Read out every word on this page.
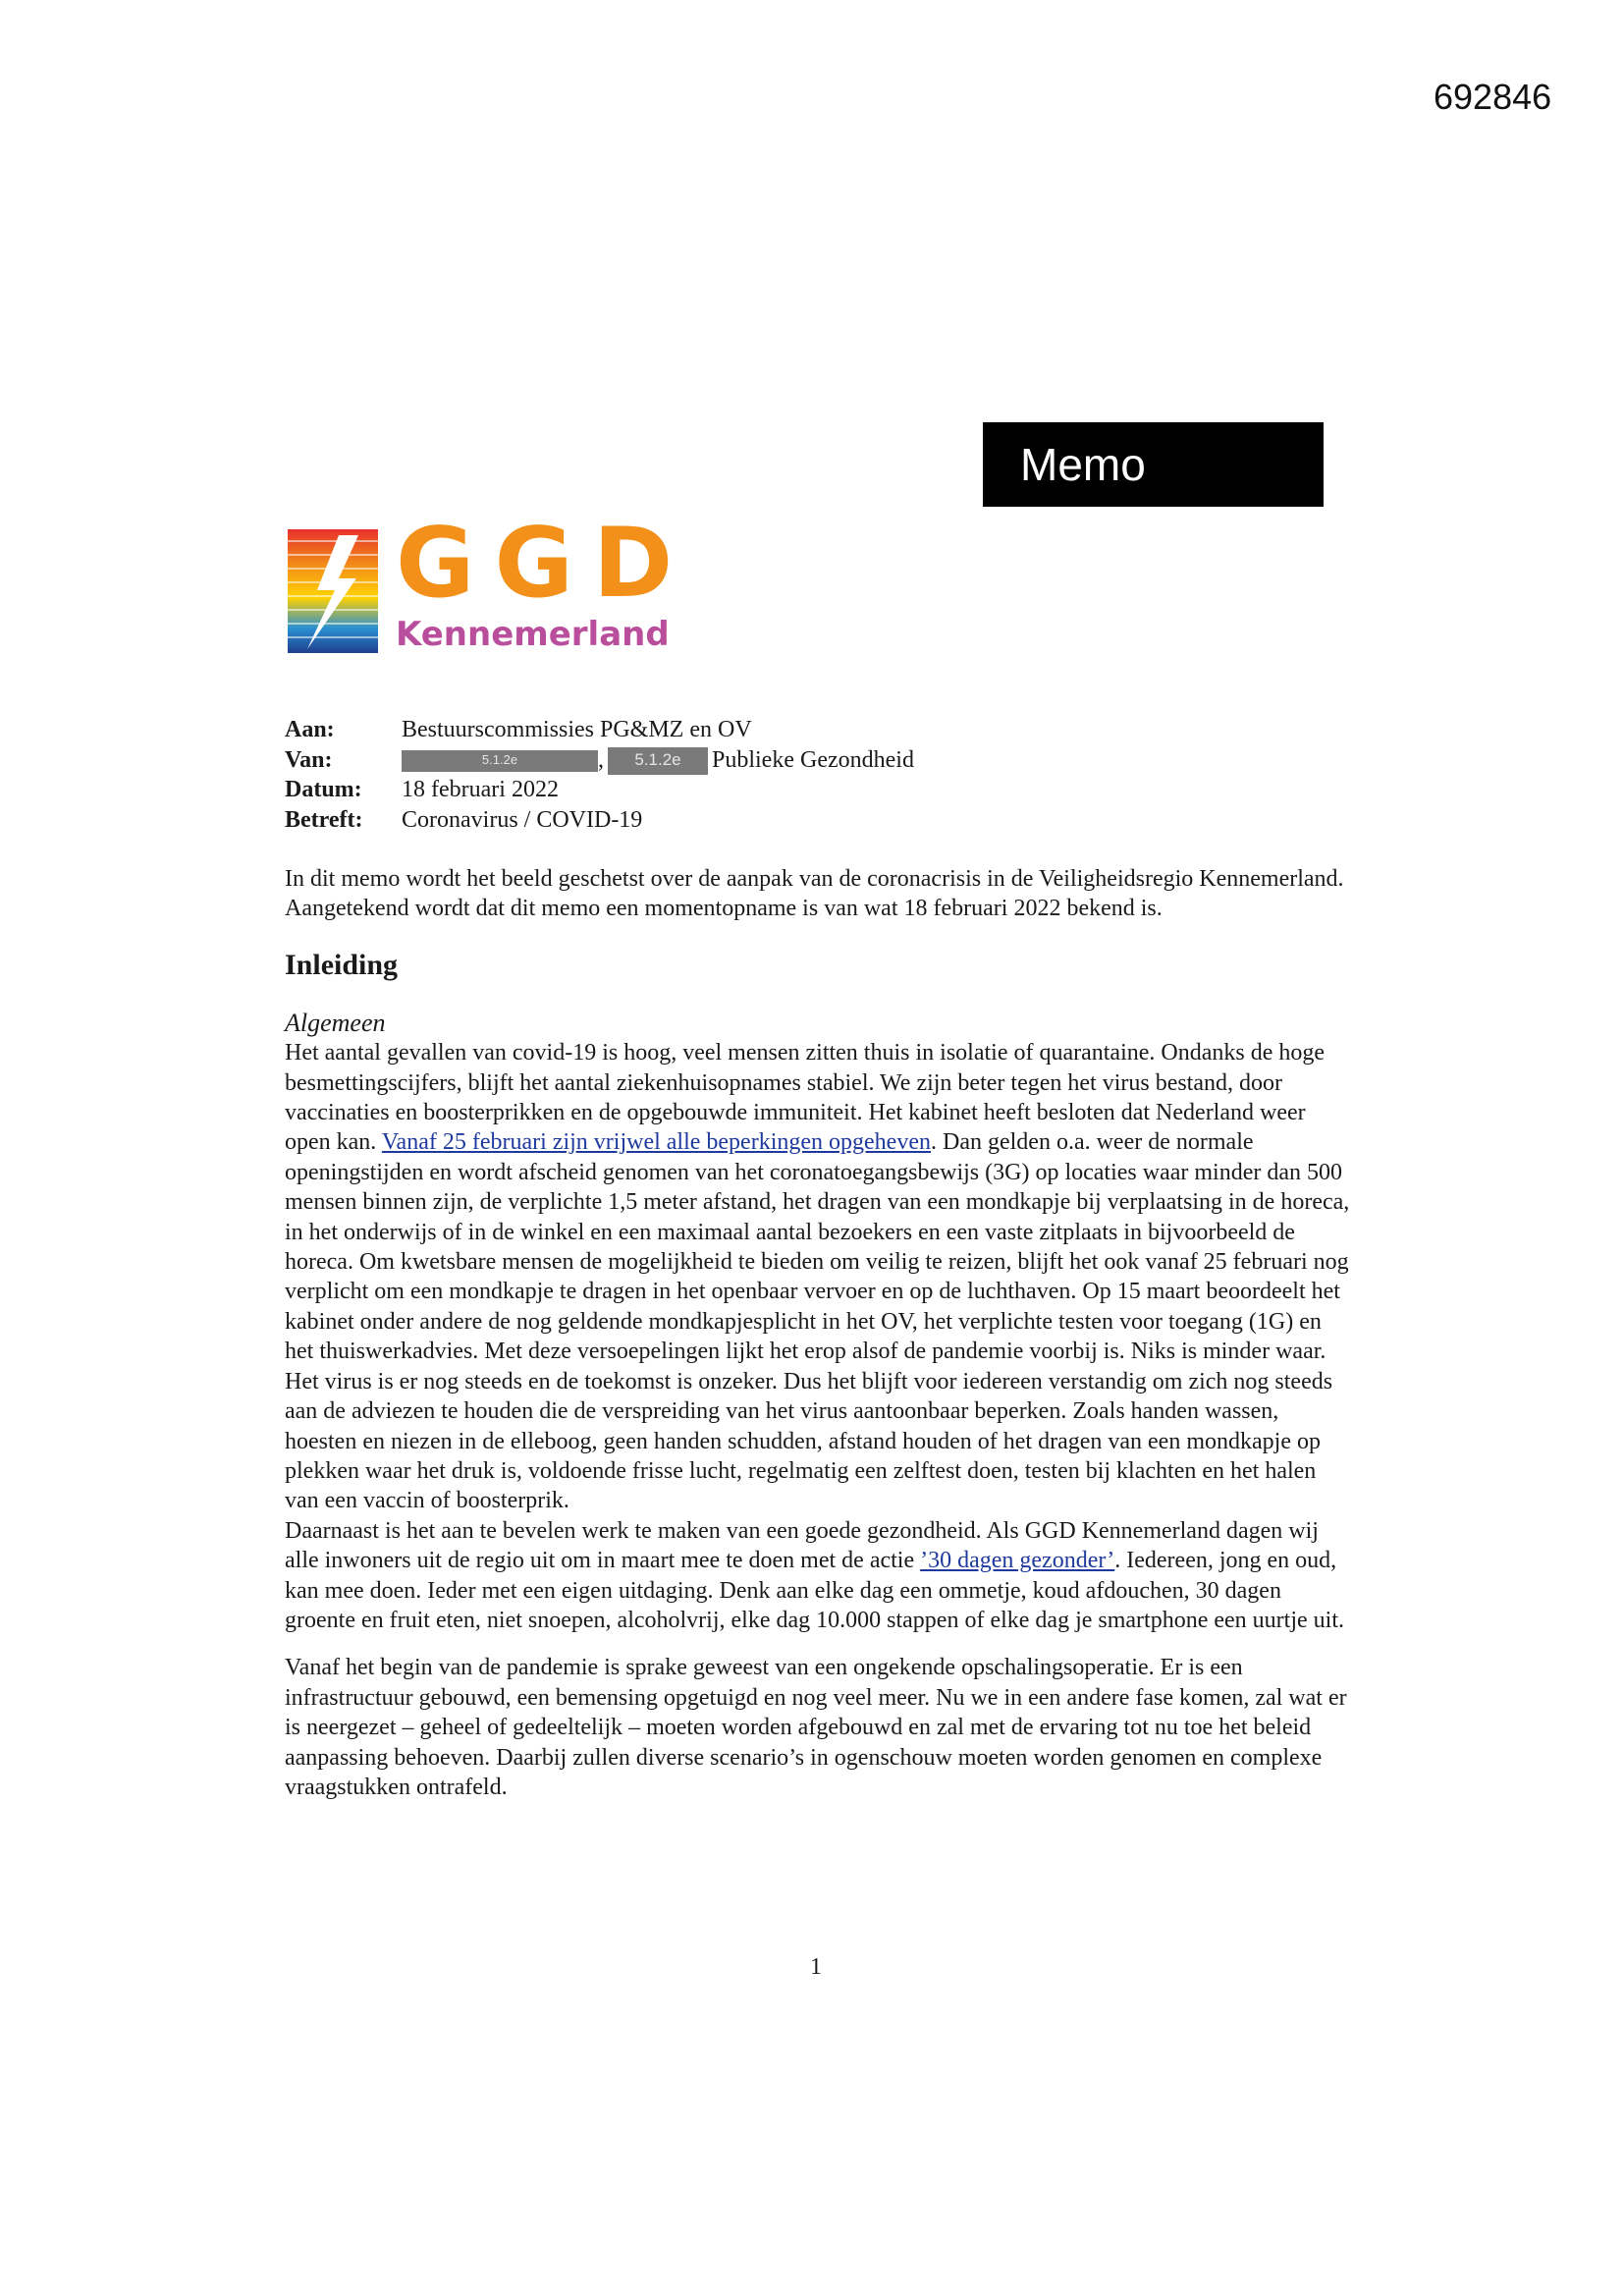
692846
Memo
GGD
Kennemerland
Aan:	Bestuurscommissies PG&MZ en OV
Van:	5.1.2e	, 5.1.2e Publieke Gezondheid
Datum:	18 februari 2022
Betreft:	Coronavirus / COVID-19

In dit memo wordt het beeld geschetst over de aanpak van de coronacrisis in de Veiligheidsregio Kennemerland. Aangetekend wordt dat dit memo een momentopname is van wat 18 februari 2022 bekend is.

Inleiding

Algemeen

Het aantal gevallen van covid-19 is hoog, veel mensen zitten thuis in isolatie of quarantaine. Ondanks de hoge besmettingscijfers, blijft het aantal ziekenhuisopnames stabiel. We zijn beter tegen het virus bestand, door vaccinaties en boosterprikken en de opgebouwde immuniteit. Het kabinet heeft besloten dat Nederland weer open kan. Vanaf 25 februari zijn vrijwel alle beperkingen opgeheven. Dan gelden o.a. weer de normale openingstijden en wordt afscheid genomen van het coronatoegangsbewijs (3G) op locaties waar minder dan 500 mensen binnen zijn, de verplichte 1,5 meter afstand, het dragen van een mondkapje bij verplaatsing in de horeca, in het onderwijs of in de winkel en een maximaal aantal bezoekers en een vaste zitplaats in bijvoorbeeld de horeca. Om kwetsbare mensen de mogelijkheid te bieden om veilig te reizen, blijft het ook vanaf 25 februari nog verplicht om een mondkapje te dragen in het openbaar vervoer en op de luchthaven. Op 15 maart beoordeelt het kabinet onder andere de nog geldende mondkapjesplicht in het OV, het verplichte testen voor toegang (1G) en het thuiswerkadvies. Met deze versoepelingen lijkt het erop alsof de pandemie voorbij is. Niks is minder waar. Het virus is er nog steeds en de toekomst is onzeker. Dus het blijft voor iedereen verstandig om zich nog steeds aan de adviezen te houden die de verspreiding van het virus aantoonbaar beperken. Zoals handen wassen, hoesten en niezen in de elleboog, geen handen schudden, afstand houden of het dragen van een mondkapje op plekken waar het druk is, voldoende frisse lucht, regelmatig een zelftest doen, testen bij klachten en het halen van een vaccin of boosterprik.

Daarnaast is het aan te bevelen werk te maken van een goede gezondheid. Als GGD Kennemerland dagen wij alle inwoners uit de regio uit om in maart mee te doen met de actie ’30 dagen gezonder’. Iedereen, jong en oud, kan mee doen. Ieder met een eigen uitdaging. Denk aan elke dag een ommetje, koud afdouchen, 30 dagen groente en fruit eten, niet snoepen, alcoholvrij, elke dag 10.000 stappen of elke dag je smartphone een uurtje uit.

Vanaf het begin van de pandemie is sprake geweest van een ongekende opschalingsoperatie. Er is een infrastructuur gebouwd, een bemensing opgetuigd en nog veel meer. Nu we in een andere fase komen, zal wat er is neergezet – geheel of gedeeltelijk – moeten worden afgebouwd en zal met de ervaring tot nu toe het beleid aanpassing behoeven. Daarbij zullen diverse scenario’s in ogenschouw moeten worden genomen en complexe vraagstukken ontrafeld.

1
